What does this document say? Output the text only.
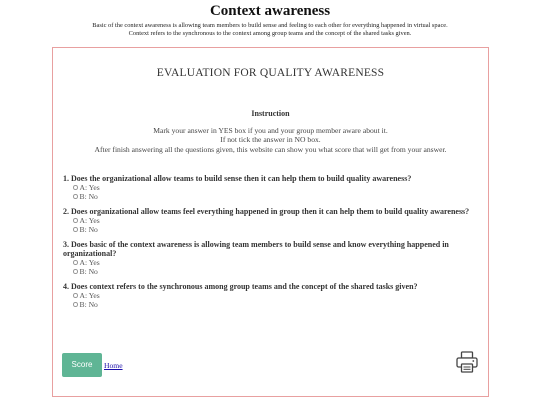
Context awareness
Basic of the context awareness is allowing team members to build sense and feeling to each other for everything happened in virtual space.
Context refers to the synchronous to the context among group teams and the concept of the shared tasks given.
EVALUATION FOR QUALITY AWARENESS
Instruction
Mark your answer in YES box if you and your group member aware about it.
If not tick the answer in NO box.
After finish answering all the questions given, this website can show you what score that will get from your answer.
1. Does the organizational allow teams to build sense then it can help them to build quality awareness?
A: Yes
B: No
2. Does organizational allow teams feel everything happened in group then it can help them to build quality awareness?
A: Yes
B: No
3. Does basic of the context awareness is allowing team members to build sense and know everything happened in organizational?
A: Yes
B: No
4. Does context refers to the synchronous among group teams and the concept of the shared tasks given?
A: Yes
B: No
Score	Home
